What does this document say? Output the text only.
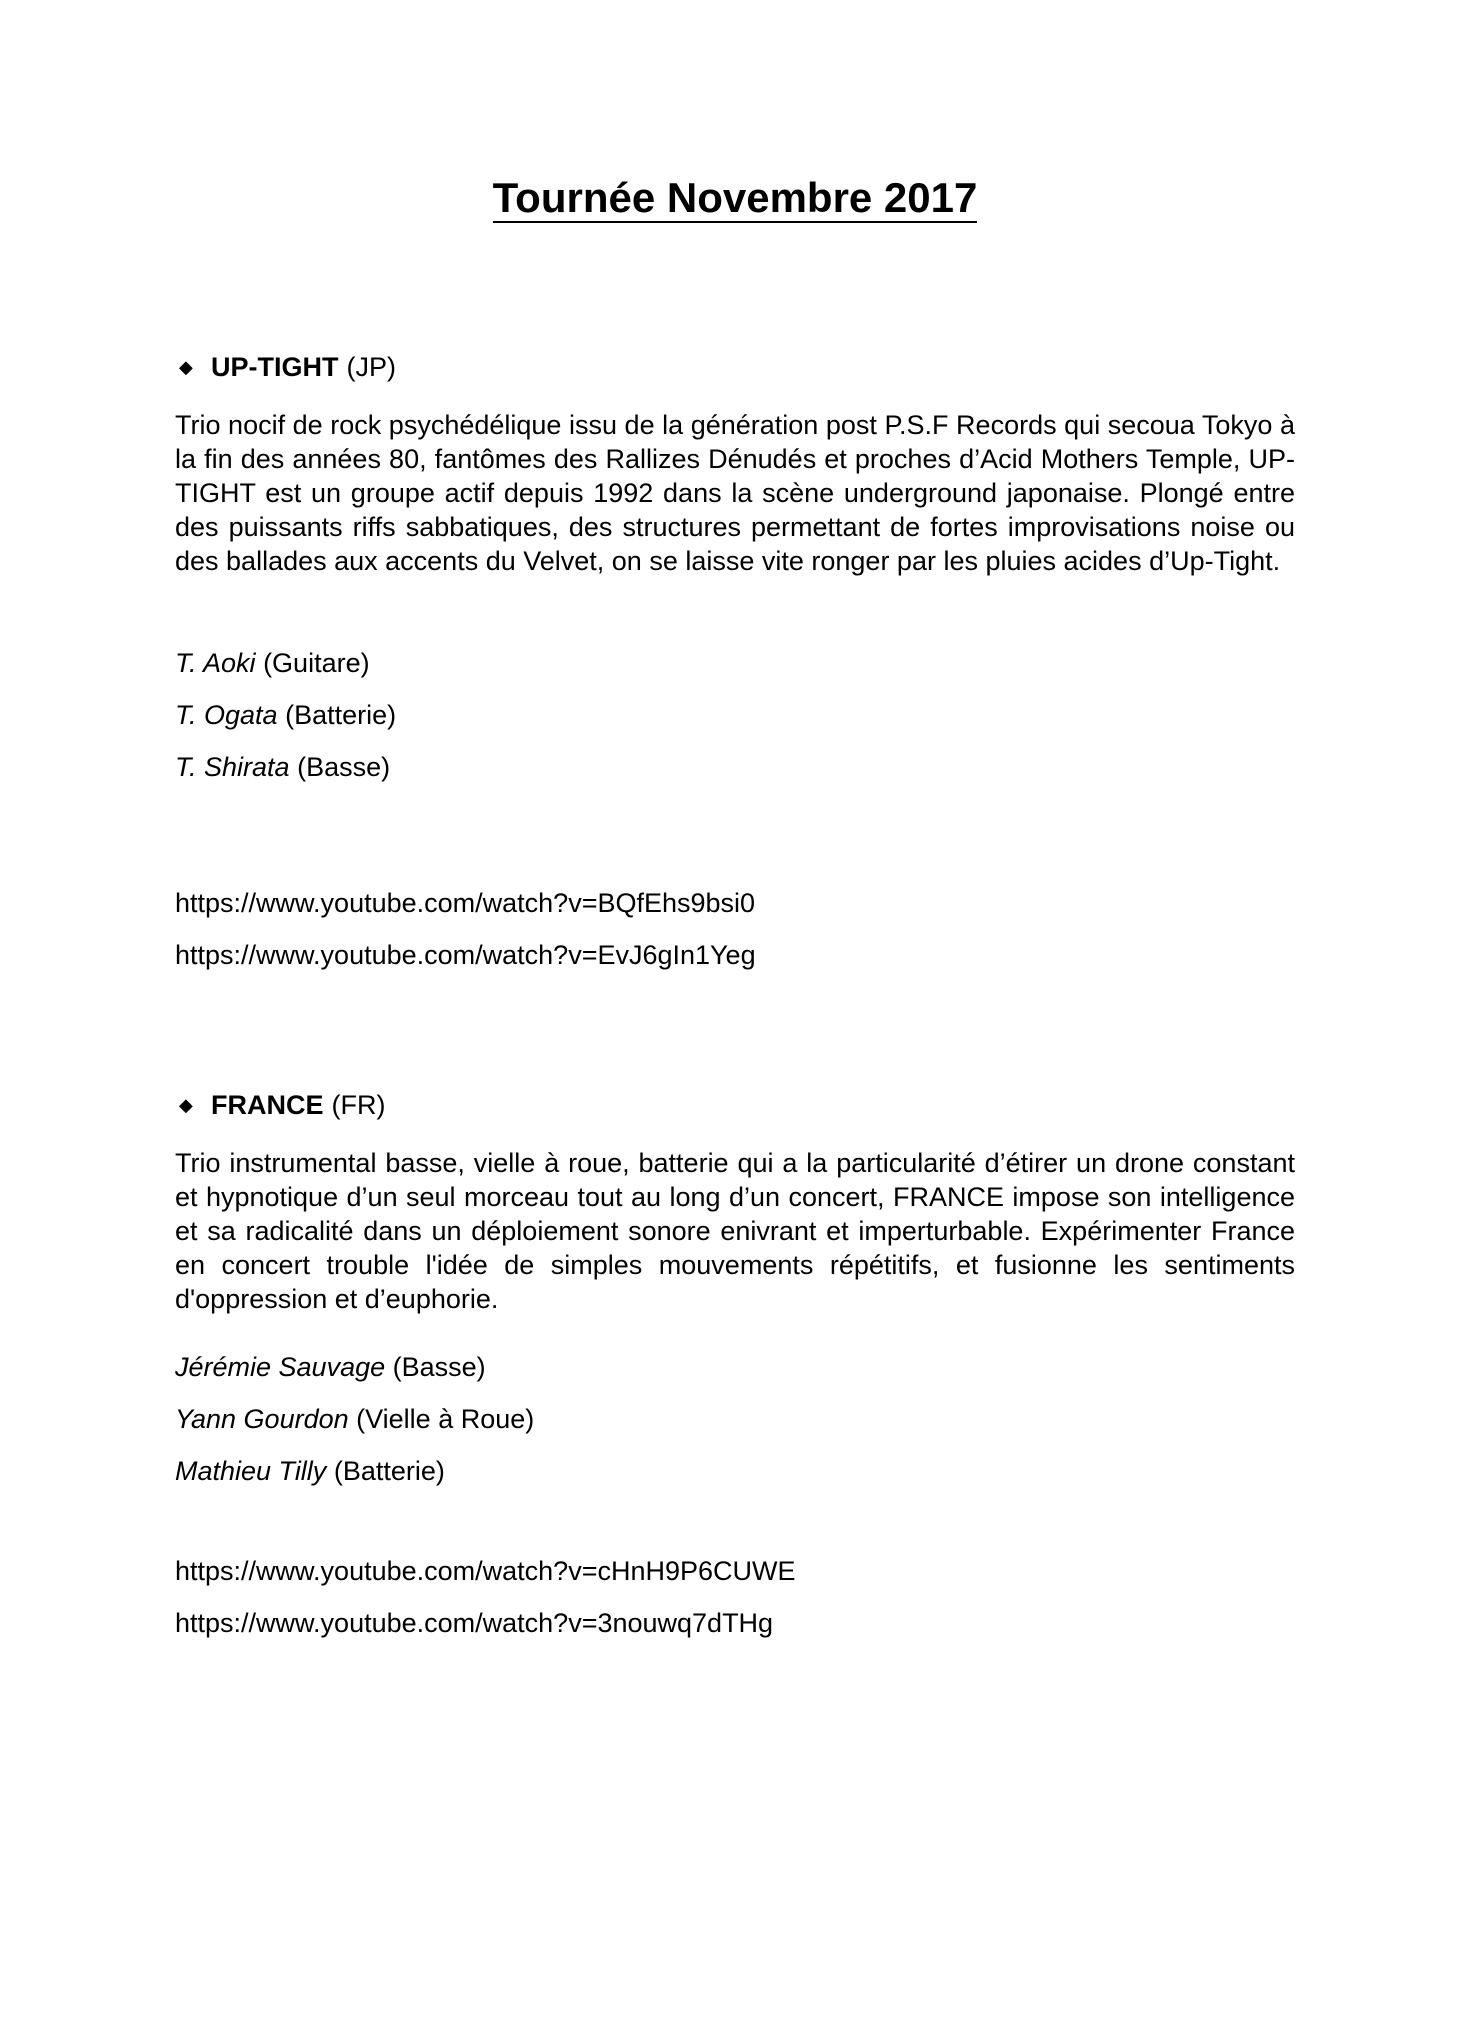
Tournée Novembre 2017

◆ UP-TIGHT (JP)

Trio nocif de rock psychédélique issu de la génération post P.S.F Records qui secoua Tokyo à la fin des années 80, fantômes des Rallizes Dénudés et proches d’Acid Mothers Temple, UP-TIGHT est un groupe actif depuis 1992 dans la scène underground japonaise. Plongé entre des puissants riffs sabbatiques, des structures permettant de fortes improvisations noise ou des ballades aux accents du Velvet, on se laisse vite ronger par les pluies acides d’Up-Tight.

T. Aoki (Guitare)
T. Ogata (Batterie)
T. Shirata (Basse)
https://www.youtube.com/watch?v=BQfEhs9bsi0
https://www.youtube.com/watch?v=EvJ6gIn1Yeg

◆ FRANCE (FR)

Trio instrumental basse, vielle à roue, batterie qui a la particularité d’étirer un drone constant et hypnotique d’un seul morceau tout au long d’un concert, FRANCE impose son intelligence et sa radicalité dans un déploiement sonore enivrant et imperturbable. Expérimenter France en concert trouble l'idée de simples mouvements répétitifs, et fusionne les sentiments d'oppression et d’euphorie.

Jérémie Sauvage (Basse)
Yann Gourdon (Vielle à Roue)
Mathieu Tilly (Batterie)
https://www.youtube.com/watch?v=cHnH9P6CUWE
https://www.youtube.com/watch?v=3nouwq7dTHg
